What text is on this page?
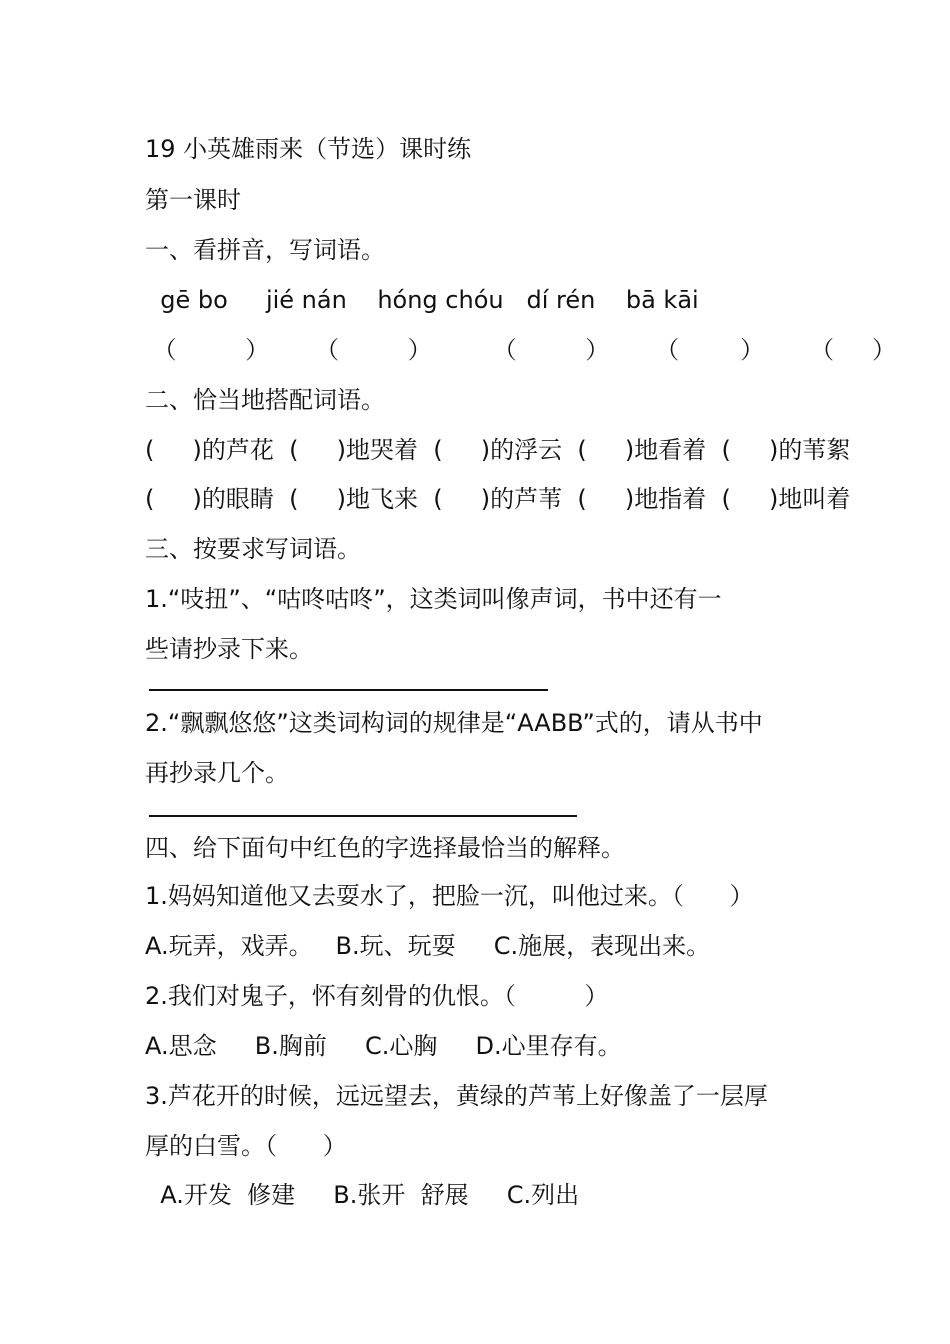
19 小英雄雨来（节选）课时练

第一课时

一、看拼音，写词语。

gē bo     jié nán    hóng chóu   dí rén    bā kāi

（         ）      （         ）        （         ）      （        ）      （     ）

二、恰当地搭配词语。

(     )的芦花  (     )地哭着  (     )的浮云  (     )地看着  (     )的苇絮

(     )的眼睛  (     )地飞来  (     )的芦苇  (     )地指着  (     )地叫着

三、按要求写词语。

1.“吱扭”、“咕咚咕咚”，这类词叫像声词，书中还有一

些请抄录下来。

2.“飘飘悠悠”这类词构词的规律是“AABB”式的，请从书中

再抄录几个。

四、给下面句中红色的字选择最恰当的解释。

1.妈妈知道他又去耍水了，把脸一沉，叫他过来。（      ）

A.玩弄，戏弄。   B.玩、玩耍     C.施展，表现出来。

2.我们对鬼子，怀有刻骨的仇恨。（         ）

A.思念     B.胸前     C.心胸     D.心里存有。

3.芦花开的时候，远远望去，黄绿的芦苇上好像盖了一层厚

厚的白雪。（      ）

A.开发  修建     B.张开  舒展     C.列出
